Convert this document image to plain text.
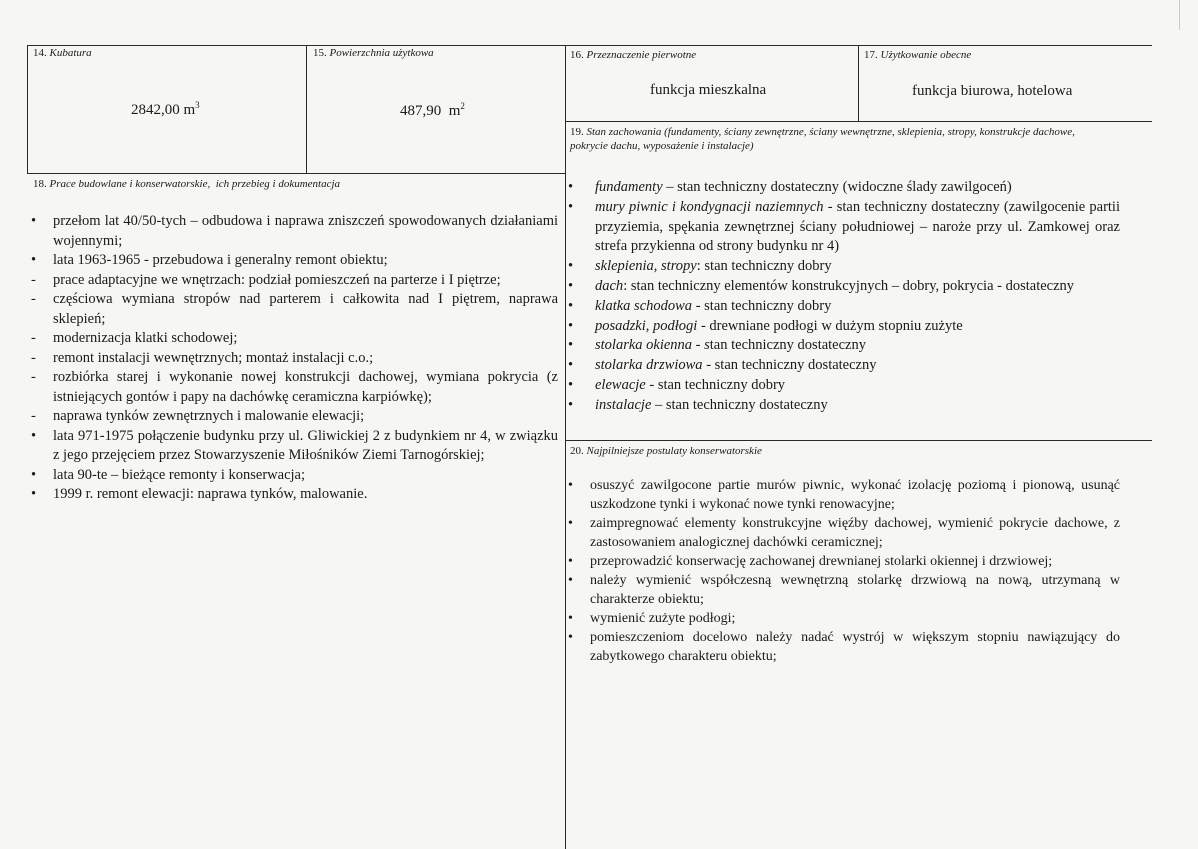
14. Kubatura
2842,00 $m^3$
15. Powierzchnia użytkowa
487,90  $m^2$
16. Przeznaczenie pierwotne
funkcja mieszkalna
17. Użytkowanie obecne
funkcja biurowa, hotelowa
19. Stan zachowania (fundamenty, ściany zewnętrzne, ściany wewnętrzne, sklepienia, stropy, konstrukcje dachowe, pokrycie dachu, wyposażenie i instalacje)
18. Prace budowlane i konserwatorskie,  ich przebieg i dokumentacja
20. Najpilniejsze postulaty konserwatorskie
•	przełom lat 40/50-tych – odbudowa i naprawa zniszczeń spowodowanych działaniami wojennymi;
•	lata 1963-1965 - przebudowa i generalny remont obiektu;
-	prace adaptacyjne we wnętrzach: podział pomieszczeń na parterze i I piętrze;
-	częściowa wymiana stropów nad parterem i całkowita nad I piętrem, naprawa sklepień;
-	modernizacja klatki schodowej;
-	remont instalacji wewnętrznych; montaż instalacji c.o.;
-	rozbiórka starej i wykonanie nowej konstrukcji dachowej, wymiana pokrycia (z istniejących gontów i papy na dachówkę ceramiczna karpiówkę);
-	naprawa tynków zewnętrznych i malowanie elewacji;
•	lata 971-1975 połączenie budynku przy ul. Gliwickiej 2 z budynkiem nr 4, w związku z jego przejęciem przez Stowarzyszenie Miłośników Ziemi Tarnogórskiej;
•	lata 90-te – bieżące remonty i konserwacja;
•	1999 r. remont elewacji: naprawa tynków, malowanie.
•	fundamenty – stan techniczny dostateczny (widoczne ślady zawilgoceń)
•	mury piwnic i kondygnacji naziemnych - stan techniczny dostateczny (zawilgocenie partii przyziemia, spękania zewnętrznej ściany południowej – naroże przy ul. Zamkowej oraz strefa przykienna od strony budynku nr 4)
•	sklepienia, stropy: stan techniczny dobry
•	dach: stan techniczny elementów konstrukcyjnych – dobry, pokrycia - dostateczny
•	klatka schodowa - stan techniczny dobry
•	posadzki, podłogi - drewniane podłogi w dużym stopniu zużyte
•	stolarka okienna - stan techniczny dostateczny
•	stolarka drzwiowa - stan techniczny dostateczny
•	elewacje - stan techniczny dobry
•	instalacje – stan techniczny dostateczny
•	osuszyć zawilgocone partie murów piwnic, wykonać izolację poziomą i pionową, usunąć uszkodzone tynki i wykonać nowe tynki renowacyjne;
•	zaimpregnować elementy konstrukcyjne więźby dachowej, wymienić pokrycie dachowe, z zastosowaniem analogicznej dachówki ceramicznej;
•	przeprowadzić konserwację zachowanej drewnianej stolarki okiennej i drzwiowej;
•	należy wymienić współczesną wewnętrzną stolarkę drzwiową na nową, utrzymaną w charakterze obiektu;
•	wymienić zużyte podłogi;
•	pomieszczeniom docelowo należy nadać wystrój w większym stopniu nawiązujący do zabytkowego charakteru obiektu;
